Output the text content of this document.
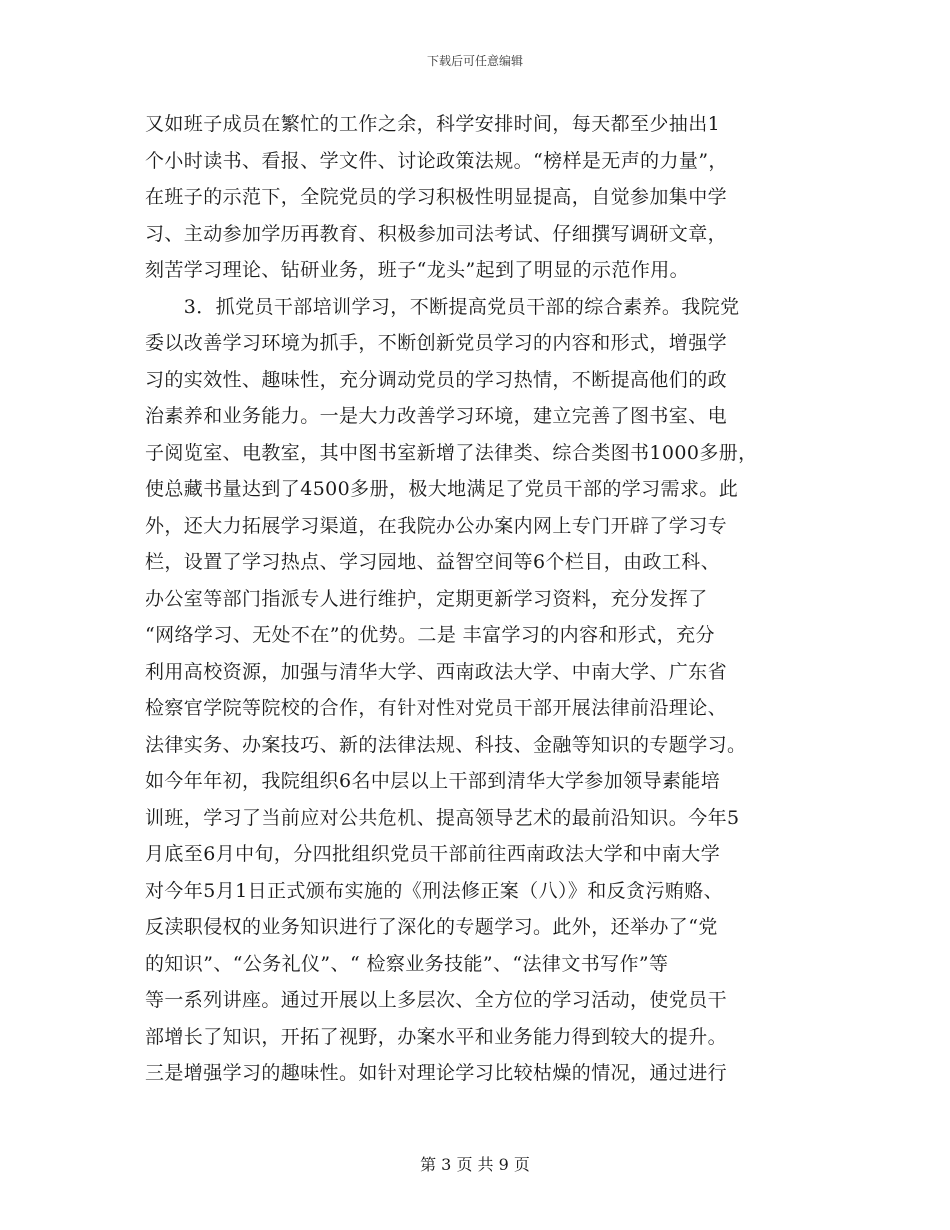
下载后可任意编辑
又如班子成员在繁忙的工作之余，科学安排时间，每天都至少抽出1
个小时读书、看报、学文件、讨论政策法规。“榜样是无声的力量”，
在班子的示范下，全院党员的学习积极性明显提高，自觉参加集中学
习、主动参加学历再教育、积极参加司法考试、仔细撰写调研文章，
刻苦学习理论、钻研业务，班子“龙头”起到了明显的示范作用。
　　3．抓党员干部培训学习，不断提高党员干部的综合素养。我院党
委以改善学习环境为抓手，不断创新党员学习的内容和形式，增强学
习的实效性、趣味性，充分调动党员的学习热情，不断提高他们的政
治素养和业务能力。一是大力改善学习环境，建立完善了图书室、电
子阅览室、电教室，其中图书室新增了法律类、综合类图书1000多册，
使总藏书量达到了4500多册，极大地满足了党员干部的学习需求。此
外，还大力拓展学习渠道，在我院办公办案内网上专门开辟了学习专
栏，设置了学习热点、学习园地、益智空间等6个栏目，由政工科、
办公室等部门指派专人进行维护，定期更新学习资料，充分发挥了
“网络学习、无处不在”的优势。二是 丰富学习的内容和形式，充分
利用高校资源，加强与清华大学、西南政法大学、中南大学、广东省
检察官学院等院校的合作，有针对性对党员干部开展法律前沿理论、
法律实务、办案技巧、新的法律法规、科技、金融等知识的专题学习。
如今年年初，我院组织6名中层以上干部到清华大学参加领导素能培
训班，学习了当前应对公共危机、提高领导艺术的最前沿知识。今年5
月底至6月中旬，分四批组织党员干部前往西南政法大学和中南大学
对今年5月1日正式颁布实施的《刑法修正案（八）》和反贪污贿赂、
反渎职侵权的业务知识进行了深化的专题学习。此外，还举办了“党
的知识”、“公务礼仪”、“ 检察业务技能”、“法律文书写作”等
等一系列讲座。通过开展以上多层次、全方位的学习活动，使党员干
部增长了知识，开拓了视野，办案水平和业务能力得到较大的提升。
三是增强学习的趣味性。如针对理论学习比较枯燥的情况，通过进行
第 3 页 共 9 页
